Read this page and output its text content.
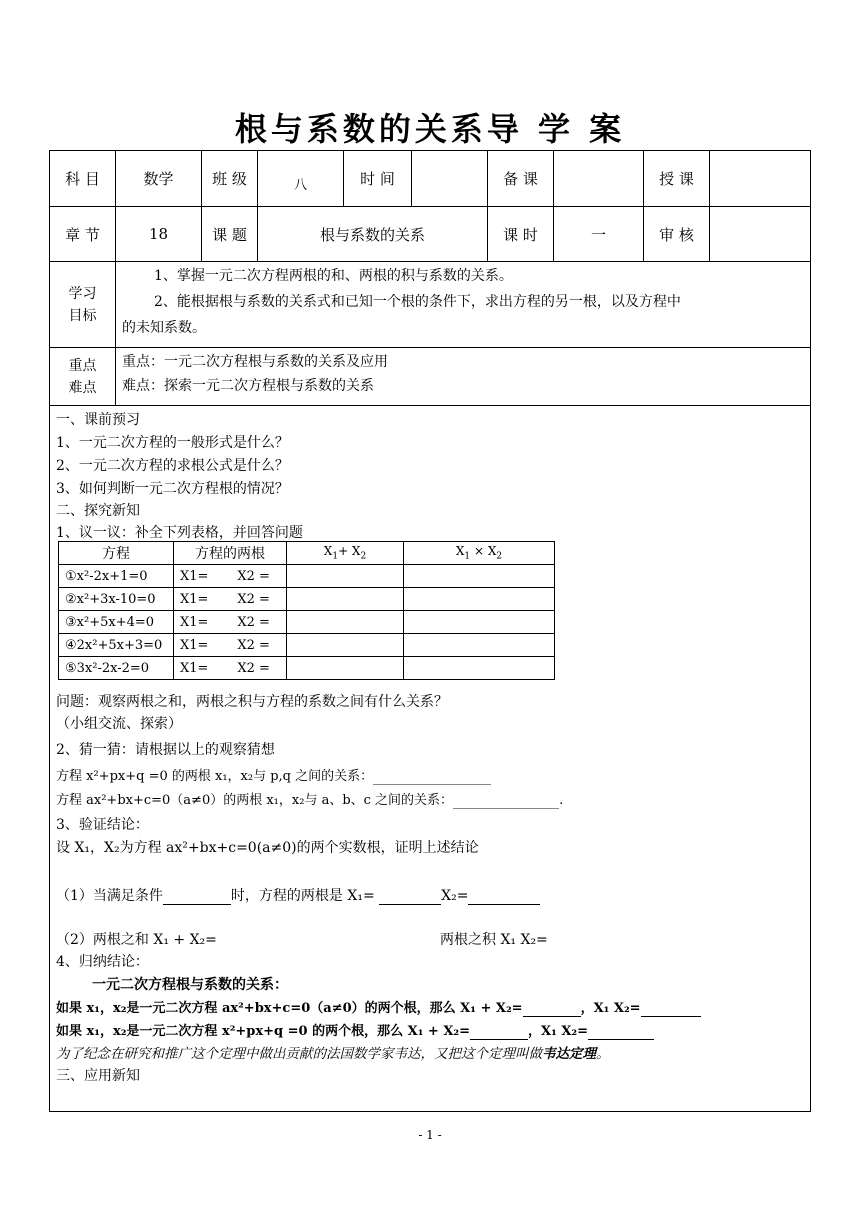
根与系数的关系导 学 案
科 目	数学	班 级	八	时 间	备 课	授 课
章 节	18	课 题	根与系数的关系	课 时	一	审 核
学习
目标
1、掌握一元二次方程两根的和、两根的积与系数的关系。
2、能根据根与系数的关系式和已知一个根的条件下，求出方程的另一根，以及方程中
的未知系数。
重点
难点
重点：一元二次方程根与系数的关系及应用
难点：探索一元二次方程根与系数的关系
一、课前预习
1、一元二次方程的一般形式是什么？
2、一元二次方程的求根公式是什么？
3、如何判断一元二次方程根的情况？
二、探究新知
1、议一议：补全下列表格，并回答问题
方程	方程的两根	$X_1+ X_2$	$X_1 \times X_2$
①x²-2x+1=0	X1= X2 =		
②x²+3x-10=0	X1= X2 =		
③x²+5x+4=0	X1= X2 =		
④2x²+5x+3=0	X1= X2 =		
⑤3x²-2x-2=0	X1= X2 =		
问题：观察两根之和，两根之积与方程的系数之间有什么关系？
（小组交流、探索）
2、猜一猜：请根据以上的观察猜想
方程 x²+px+q =0 的两根 x₁，x₂与 p,q 之间的关系：
方程 ax²+bx+c=0（a≠0）的两根 x₁，x₂与 a、b、c 之间的关系：	.
3、验证结论：
设 X₁，X₂为方程 ax²+bx+c=0(a≠0)的两个实数根，证明上述结论
（1）当满足条件	时，方程的两根是 X₁=	X₂=
（2）两根之和 X₁ + X₂=	两根之积 X₁ X₂=
4、归纳结论：
一元二次方程根与系数的关系：
如果 x₁，x₂是一元二次方程 ax²+bx+c=0（a≠0）的两个根，那么 X₁ + X₂=	，X₁ X₂=
如果 x₁，x₂是一元二次方程 x²+px+q =0 的两个根，那么 X₁ + X₂=	，X₁ X₂=
为了纪念在研究和推广这个定理中做出贡献的法国数学家韦达，又把这个定理叫做韦达定理。
三、应用新知
- 1 -
